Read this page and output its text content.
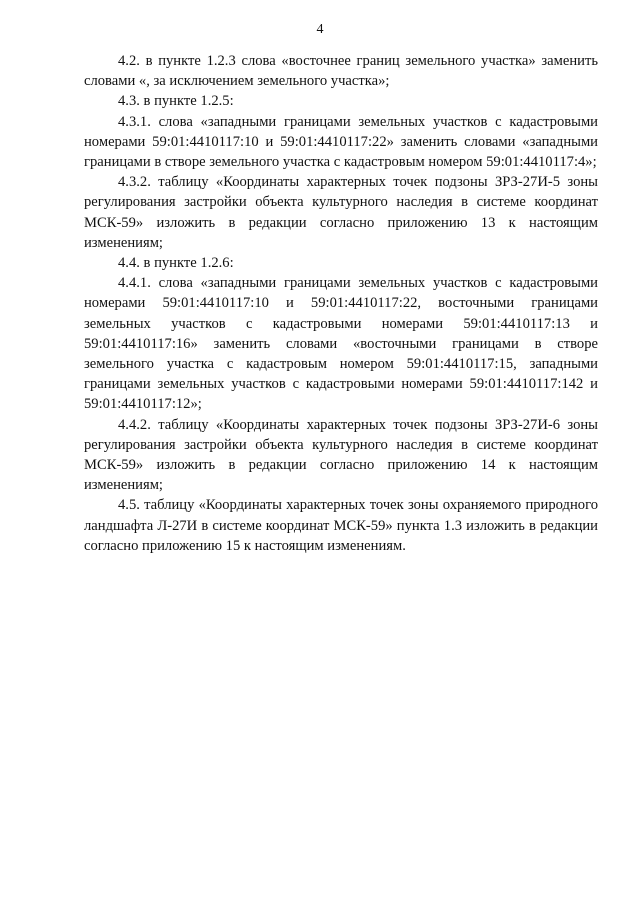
4

4.2. в пункте 1.2.3 слова «восточнее границ земельного участка» заменить словами «, за исключением земельного участка»;

4.3. в пункте 1.2.5:

4.3.1. слова «западными границами земельных участков с кадастровыми номерами 59:01:4410117:10 и 59:01:4410117:22» заменить словами «западными границами в створе земельного участка с кадастровым номером 59:01:4410117:4»;

4.3.2. таблицу «Координаты характерных точек подзоны ЗРЗ-27И-5 зоны регулирования застройки объекта культурного наследия в системе координат МСК-59» изложить в редакции согласно приложению 13 к настоящим изменениям;

4.4. в пункте 1.2.6:

4.4.1. слова «западными границами земельных участков с кадастровыми номерами 59:01:4410117:10 и 59:01:4410117:22, восточными границами земельных участков с кадастровыми номерами 59:01:4410117:13 и 59:01:4410117:16» заменить словами «восточными границами в створе земельного участка с кадастровым номером 59:01:4410117:15, западными границами земельных участков с кадастровыми номерами 59:01:4410117:142 и 59:01:4410117:12»;

4.4.2. таблицу «Координаты характерных точек подзоны ЗРЗ-27И-6 зоны регулирования застройки объекта культурного наследия в системе координат МСК-59» изложить в редакции согласно приложению 14 к настоящим изменениям;

4.5. таблицу «Координаты характерных точек зоны охраняемого природного ландшафта Л-27И в системе координат МСК-59» пункта 1.3 изложить в редакции согласно приложению 15 к настоящим изменениям.
